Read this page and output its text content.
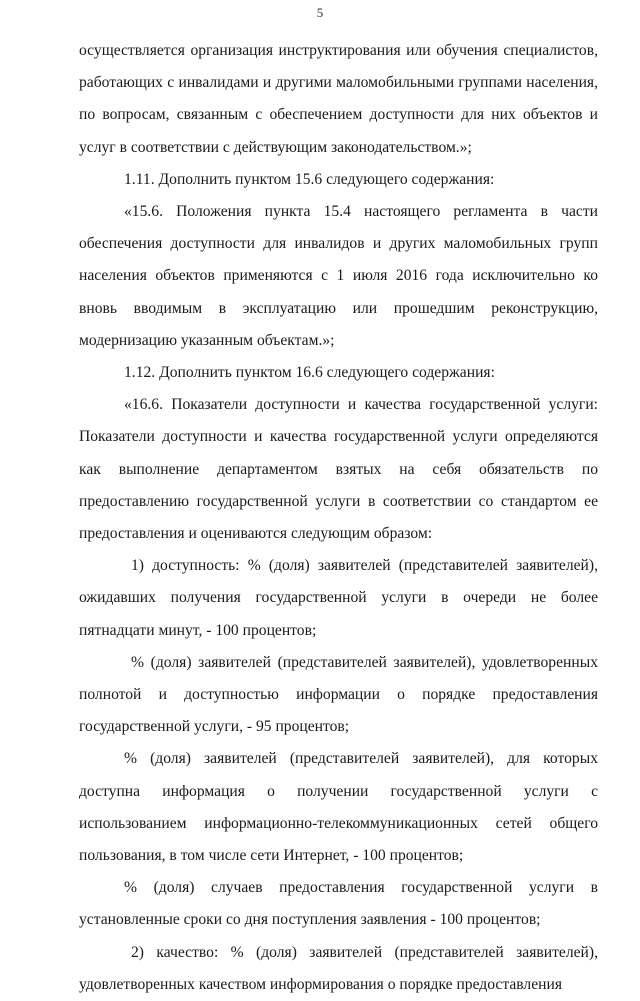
5

осуществляется организация инструктирования или обучения специалистов, работающих с инвалидами и другими маломобильными группами населения, по вопросам, связанным с обеспечением доступности для них объектов и услуг в соответствии с действующим законодательством.»;

1.11. Дополнить пунктом 15.6 следующего содержания:

«15.6. Положения пункта 15.4 настоящего регламента в части обеспечения доступности для инвалидов и других маломобильных групп населения объектов применяются с 1 июля 2016 года исключительно ко вновь вводимым в эксплуатацию или прошедшим реконструкцию, модернизацию указанным объектам.»;

1.12. Дополнить пунктом 16.6 следующего содержания:

«16.6. Показатели доступности и качества государственной услуги: Показатели доступности и качества государственной услуги определяются как выполнение департаментом взятых на себя обязательств по предоставлению государственной услуги в соответствии со стандартом ее предоставления и оцениваются следующим образом:

1) доступность: % (доля) заявителей (представителей заявителей), ожидавших получения государственной услуги в очереди не более пятнадцати минут, - 100 процентов;

% (доля) заявителей (представителей заявителей), удовлетворенных полнотой и доступностью информации о порядке предоставления государственной услуги, - 95 процентов;

% (доля) заявителей (представителей заявителей), для которых доступна информация о получении государственной услуги с использованием информационно-телекоммуникационных сетей общего пользования, в том числе сети Интернет, - 100 процентов;

% (доля) случаев предоставления государственной услуги в установленные сроки со дня поступления заявления - 100 процентов;

2) качество: % (доля) заявителей (представителей заявителей), удовлетворенных качеством информирования о порядке предоставления
